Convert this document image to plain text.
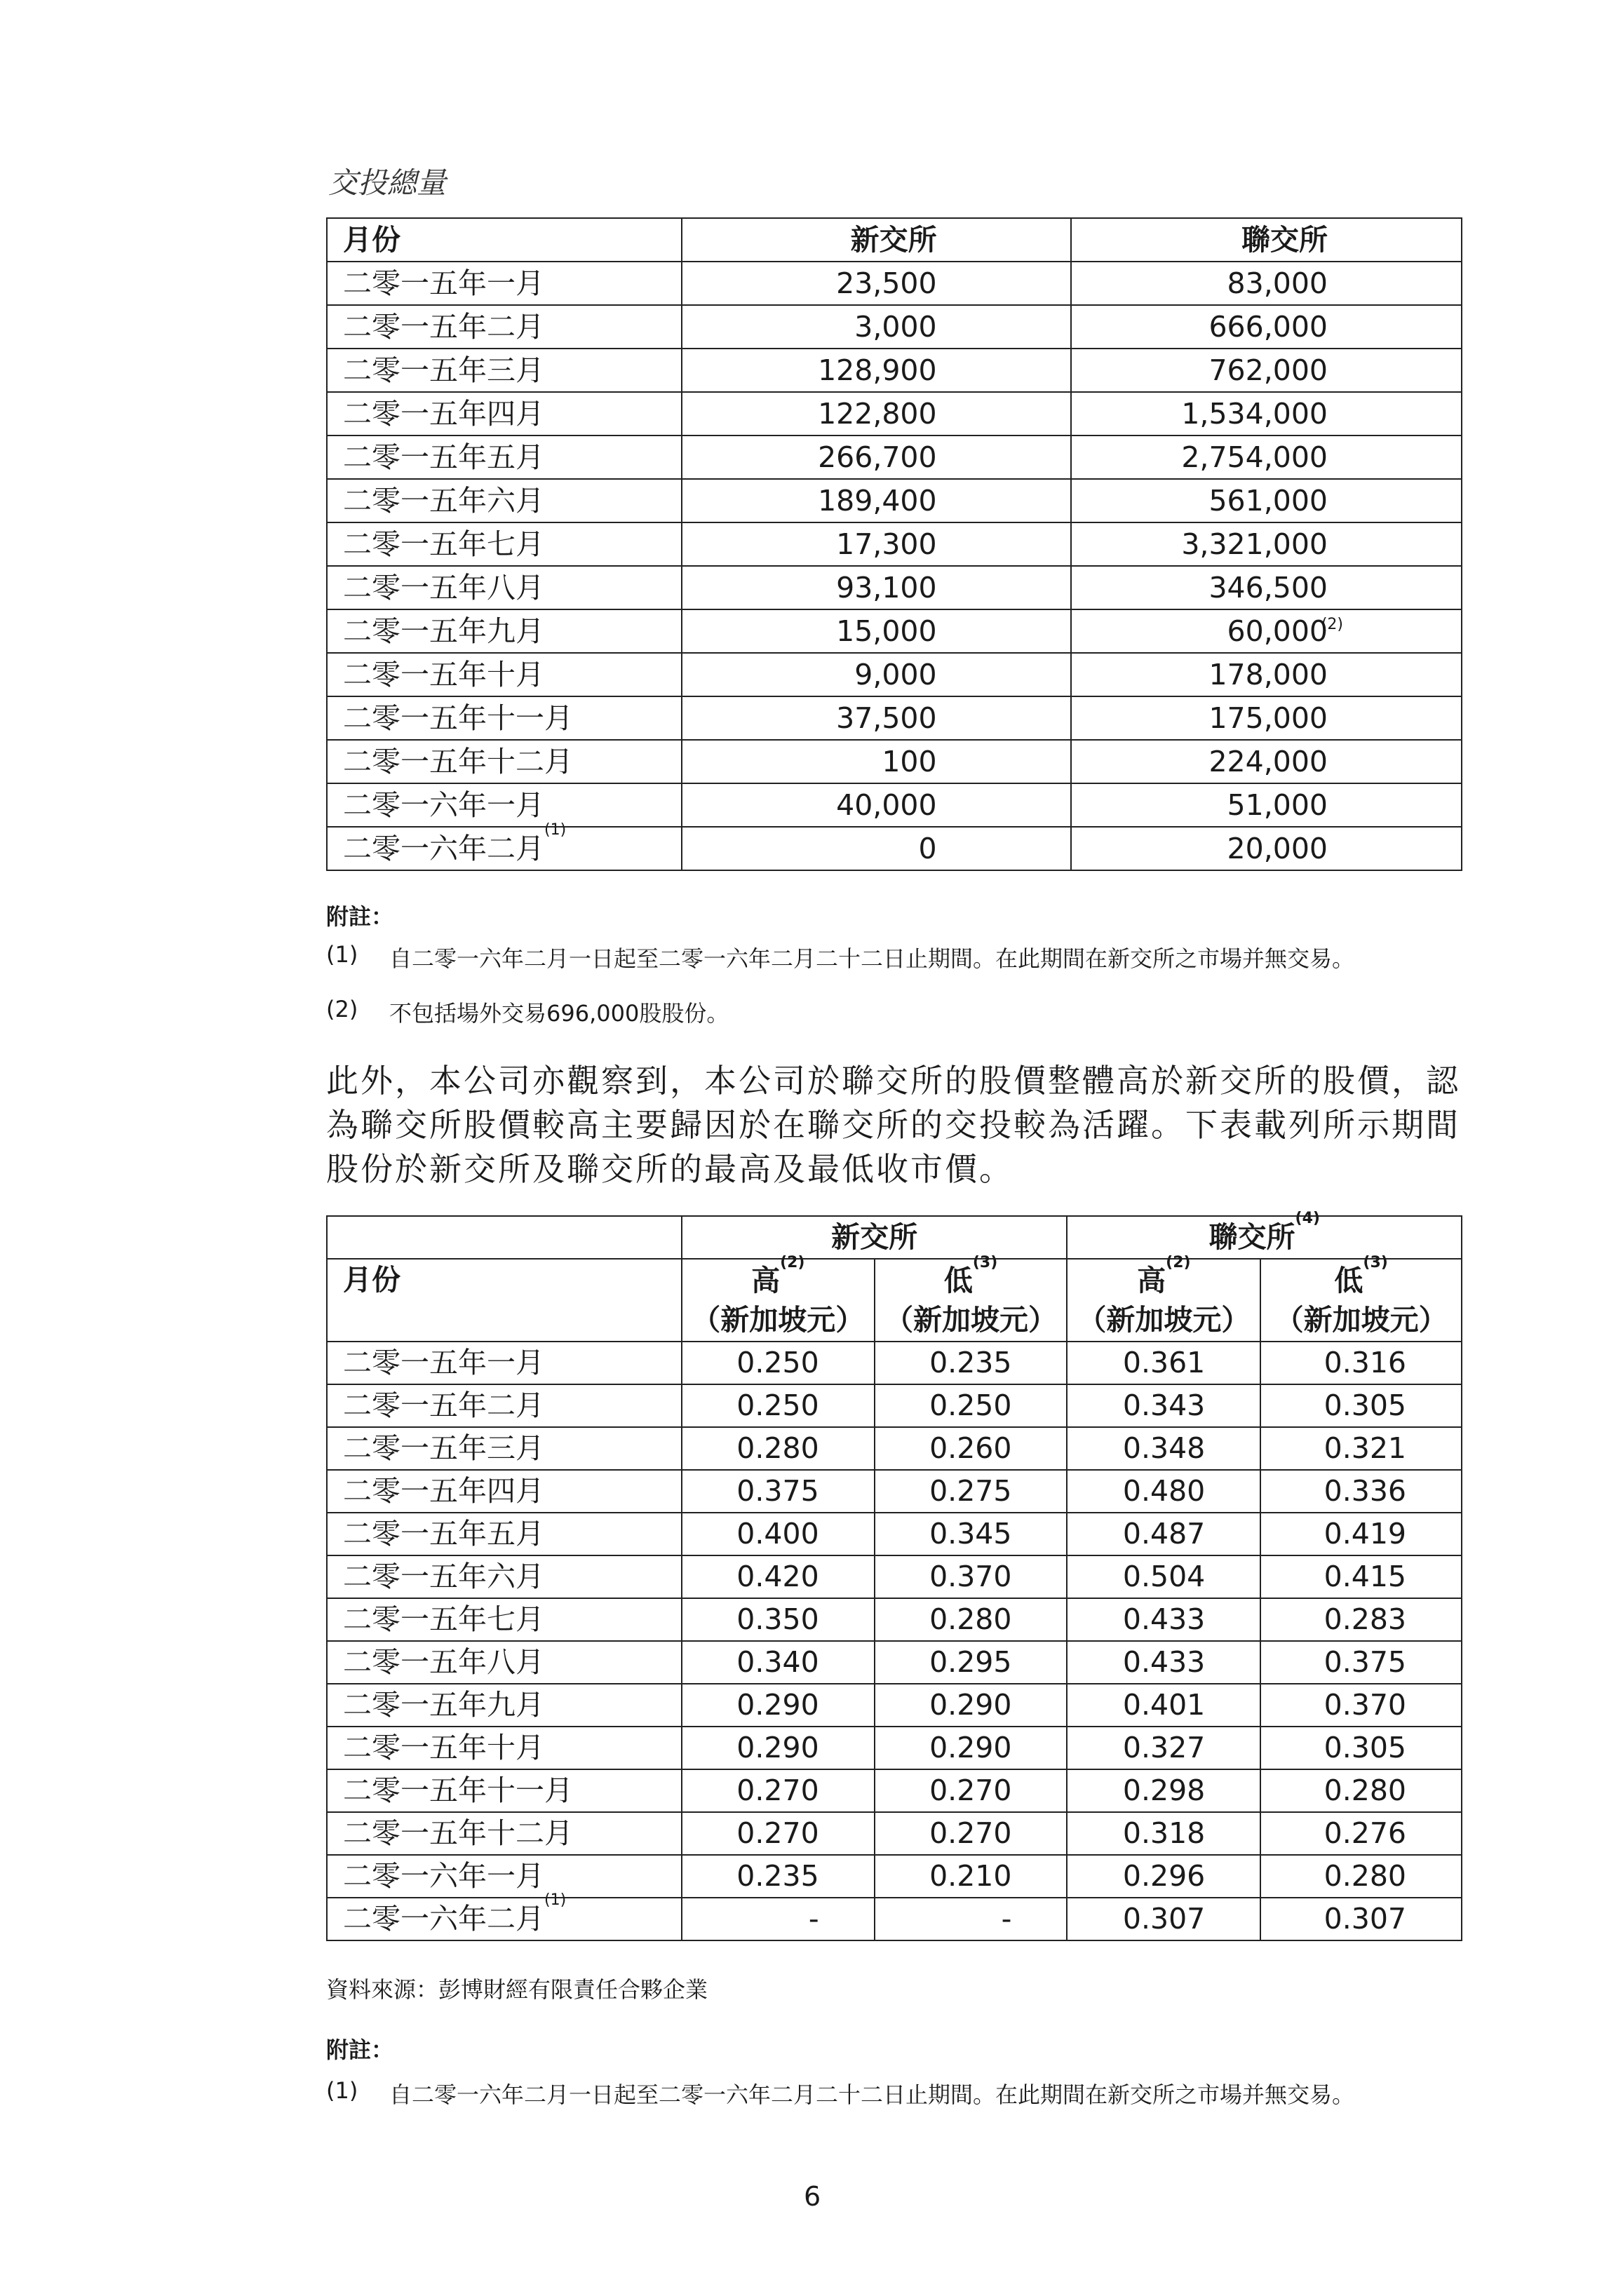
交投總量
月份	新交所	聯交所
二零一五年一月	23,500	83,000

二零一五年二月	3,000	666,000

二零一五年三月	128,900	762,000

二零一五年四月	122,800	1,534,000

二零一五年五月	266,700	2,754,000

二零一五年六月	189,400	561,000

二零一五年七月	17,300	3,321,000

二零一五年八月	93,100	346,500

二零一五年九月	15,000	60,000
(2)

二零一五年十月	9,000	178,000

二零一五年十一月	37,500	175,000

二零一五年十二月	100	224,000

二零一六年一月	40,000	51,000

二零一六年二月$^{(1)}$	0	20,000
附註：
(1) 自二零一六年二月一日起至二零一六年二月二十二日止期間。在此期間在新交所之市場并無交易。
(2) 不包括場外交易696,000股股份。
此外，本公司亦觀察到，本公司於聯交所的股價整體高於新交所的股價，認為聯交所股價較高主要歸因於在聯交所的交投較為活躍。下表載列所示期間股份於新交所及聯交所的最高及最低收市價。
	新交所		聯交所$^{(4)}$
月份	高$^{(2)}$
（新加坡元）	低$^{(3)}$
（新加坡元）	高$^{(2)}$
（新加坡元）	低$^{(3)}$
（新加坡元）
二零一五年一月	0.250	0.235	0.361	0.316
二零一五年二月	0.250	0.250	0.343	0.305
二零一五年三月	0.280	0.260	0.348	0.321
二零一五年四月	0.375	0.275	0.480	0.336
二零一五年五月	0.400	0.345	0.487	0.419
二零一五年六月	0.420	0.370	0.504	0.415
二零一五年七月	0.350	0.280	0.433	0.283
二零一五年八月	0.340	0.295	0.433	0.375
二零一五年九月	0.290	0.290	0.401	0.370
二零一五年十月	0.290	0.290	0.327	0.305
二零一五年十一月	0.270	0.270	0.298	0.280
二零一五年十二月	0.270	0.270	0.318	0.276
二零一六年一月	0.235	0.210	0.296	0.280
二零一六年二月$^{(1)}$	-	-	0.307	0.307
資料來源：彭博財經有限責任合夥企業
附註：
(1) 自二零一六年二月一日起至二零一六年二月二十二日止期間。在此期間在新交所之市場并無交易。
6
